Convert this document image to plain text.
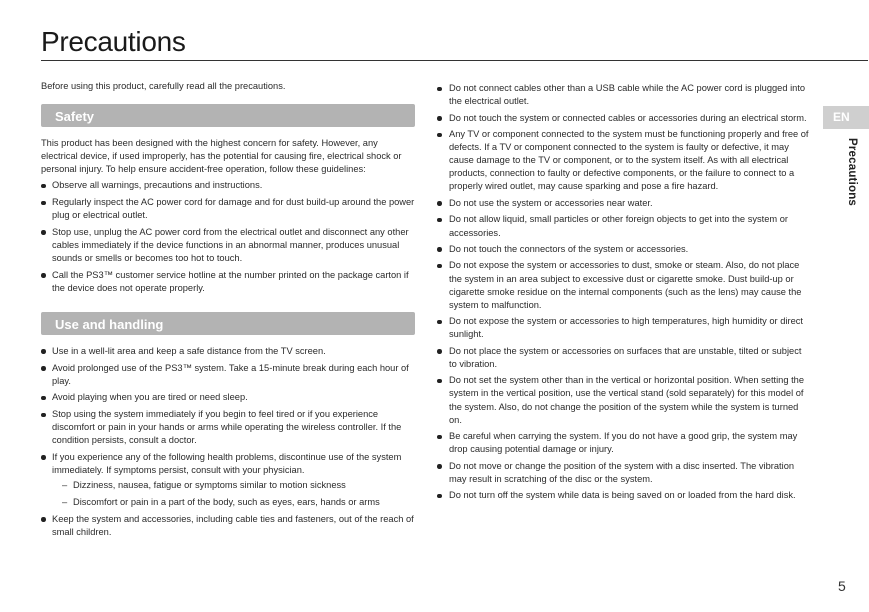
Precautions

Before using this product, carefully read all the precautions.

Safety

This product has been designed with the highest concern for safety. However, any electrical device, if used improperly, has the potential for causing fire, electrical shock or personal injury. To help ensure accident-free operation, follow these guidelines:

Observe all warnings, precautions and instructions.
Regularly inspect the AC power cord for damage and for dust build-up around the power plug or electrical outlet.
Stop use, unplug the AC power cord from the electrical outlet and disconnect any other cables immediately if the device functions in an abnormal manner, produces unusual sounds or smells or becomes too hot to touch.
Call the PS3™ customer service hotline at the number printed on the package carton if the device does not operate properly.
Use and handling
Use in a well-lit area and keep a safe distance from the TV screen.
Avoid prolonged use of the PS3™ system. Take a 15-minute break during each hour of play.
Avoid playing when you are tired or need sleep.
Stop using the system immediately if you begin to feel tired or if you experience discomfort or pain in your hands or arms while operating the wireless controller. If the condition persists, consult a doctor.
If you experience any of the following health problems, discontinue use of the system immediately. If symptoms persist, consult with your physician.
– Dizziness, nausea, fatigue or symptoms similar to motion sickness
– Discomfort or pain in a part of the body, such as eyes, ears, hands or arms
Keep the system and accessories, including cable ties and fasteners, out of the reach of small children.
Do not connect cables other than a USB cable while the AC power cord is plugged into the electrical outlet.
Do not touch the system or connected cables or accessories during an electrical storm.
Any TV or component connected to the system must be functioning properly and free of defects. If a TV or component connected to the system is faulty or defective, it may cause damage to the TV or component, or to the system itself. As with all electrical products, connection to faulty or defective components, or the failure to connect to a properly wired outlet, may cause sparking and pose a fire hazard.
Do not use the system or accessories near water.
Do not allow liquid, small particles or other foreign objects to get into the system or accessories.
Do not touch the connectors of the system or accessories.
Do not expose the system or accessories to dust, smoke or steam. Also, do not place the system in an area subject to excessive dust or cigarette smoke. Dust build-up or cigarette smoke residue on the internal components (such as the lens) may cause the system to malfunction.
Do not expose the system or accessories to high temperatures, high humidity or direct sunlight.
Do not place the system or accessories on surfaces that are unstable, tilted or subject to vibration.
Do not set the system other than in the vertical or horizontal position. When setting the system in the vertical position, use the vertical stand (sold separately) for this model of the system. Also, do not change the position of the system while the system is turned on.
Be careful when carrying the system. If you do not have a good grip, the system may drop causing potential damage or injury.
Do not move or change the position of the system with a disc inserted. The vibration may result in scratching of the disc or the system.
Do not turn off the system while data is being saved on or loaded from the hard disk.
EN
Precautions
5
